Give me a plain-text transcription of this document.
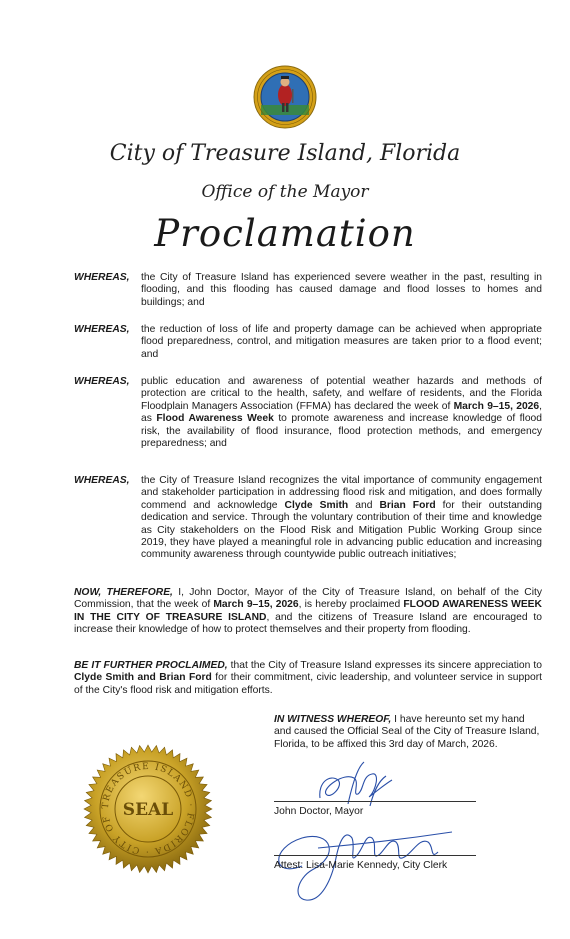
City of Treasure Island, Florida
Office of the Mayor
Proclamation
WHEREAS, the City of Treasure Island has experienced severe weather in the past, resulting in flooding, and this flooding has caused damage and flood losses to homes and buildings; and
WHEREAS, the reduction of loss of life and property damage can be achieved when appropriate flood preparedness, control, and mitigation measures are taken prior to a flood event; and
WHEREAS, public education and awareness of potential weather hazards and methods of protection are critical to the health, safety, and welfare of residents, and the Florida Floodplain Managers Association (FFMA) has declared the week of March 9–15, 2026, as Flood Awareness Week to promote awareness and increase knowledge of flood risk, the availability of flood insurance, flood protection methods, and emergency preparedness; and
WHEREAS, the City of Treasure Island recognizes the vital importance of community engagement and stakeholder participation in addressing flood risk and mitigation, and does formally commend and acknowledge Clyde Smith and Brian Ford for their outstanding dedication and service. Through the voluntary contribution of their time and knowledge as City stakeholders on the Flood Risk and Mitigation Public Working Group since 2019, they have played a meaningful role in advancing public education and increasing community awareness through countywide public outreach initiatives;
NOW, THEREFORE, I, John Doctor, Mayor of the City of Treasure Island, on behalf of the City Commission, that the week of March 9–15, 2026, is hereby proclaimed FLOOD AWARENESS WEEK IN THE CITY OF TREASURE ISLAND, and the citizens of Treasure Island are encouraged to increase their knowledge of how to protect themselves and their property from flooding.
BE IT FURTHER PROCLAIMED, that the City of Treasure Island expresses its sincere appreciation to Clyde Smith and Brian Ford for their commitment, civic leadership, and volunteer service in support of the City's flood risk and mitigation efforts.
IN WITNESS WHEREOF, I have hereunto set my hand and caused the Official Seal of the City of Treasure Island, Florida, to be affixed this 3rd day of March, 2026.
TREASURE ISLAND · FLORIDA · CITY OF SEAL	John Doctor, Mayor
Attest: Lisa-Marie Kennedy, City Clerk
